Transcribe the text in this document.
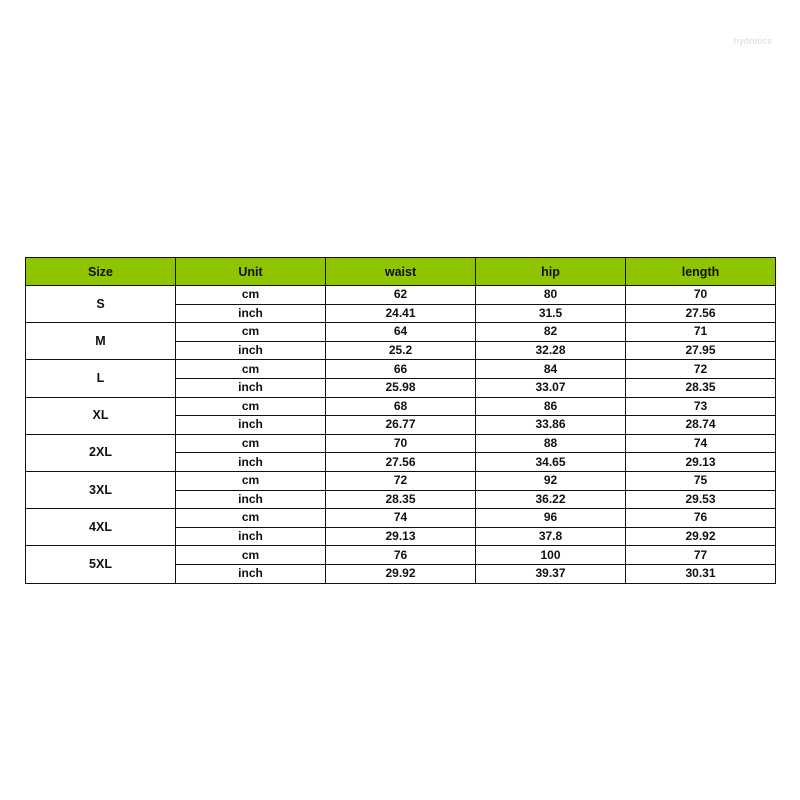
hydrolics
Size	Unit	waist	hip	length
S	cm	62	80	70
	inch	24.41	31.5	27.56
M	cm	64	82	71
	inch	25.2	32.28	27.95
L	cm	66	84	72
	inch	25.98	33.07	28.35
XL	cm	68	86	73
	inch	26.77	33.86	28.74
2XL	cm	70	88	74
	inch	27.56	34.65	29.13
3XL	cm	72	92	75
	inch	28.35	36.22	29.53
4XL	cm	74	96	76
	inch	29.13	37.8	29.92
5XL	cm	76	100	77
	inch	29.92	39.37	30.31
